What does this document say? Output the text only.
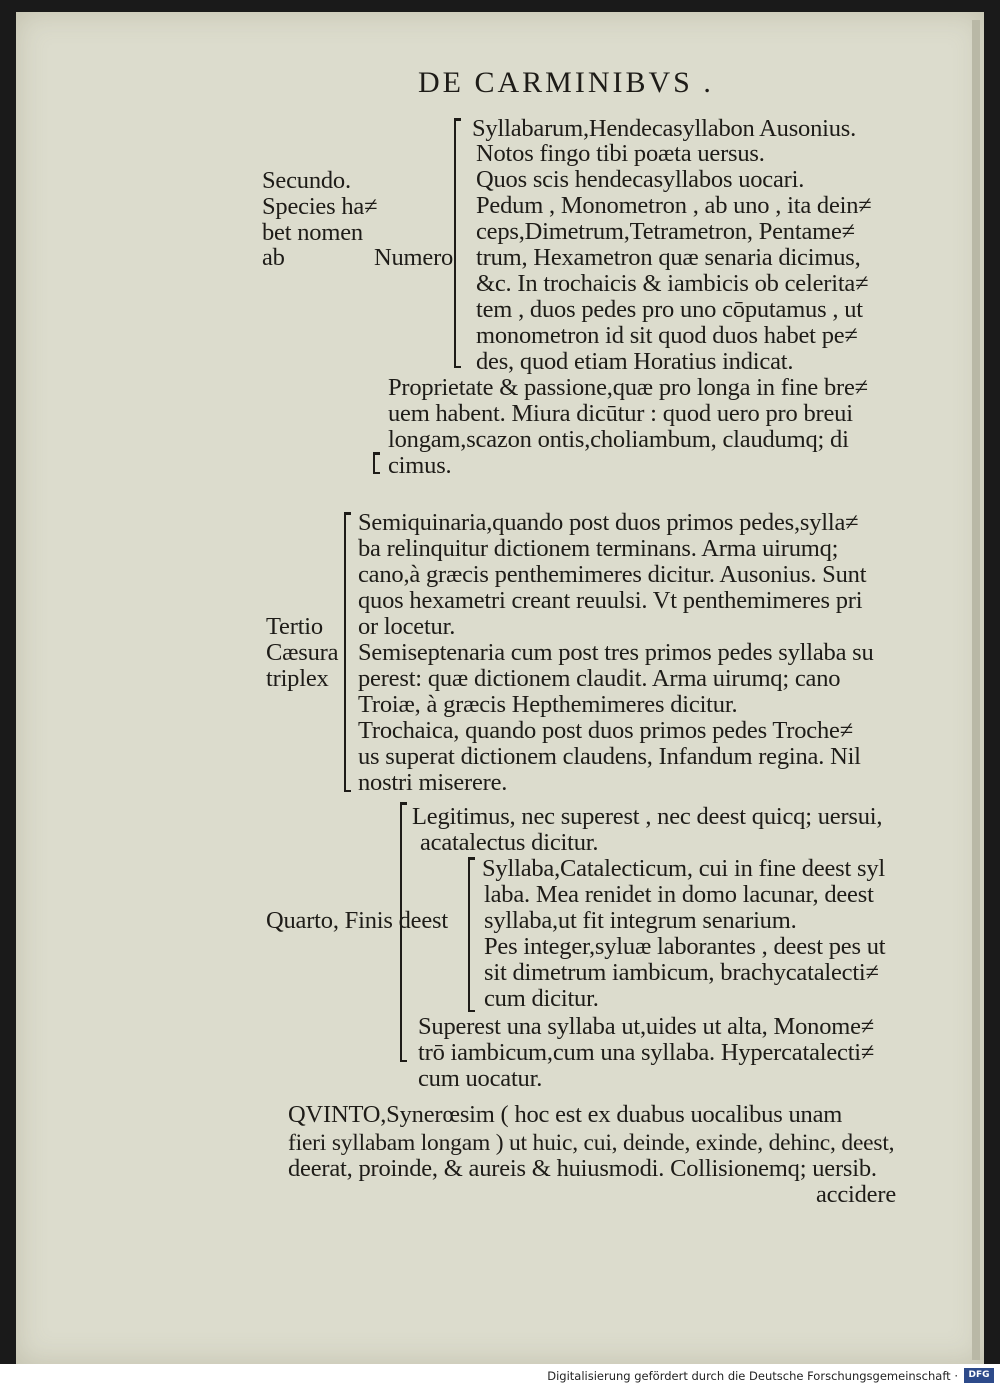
DE CARMINIBVS .
Secundo.
Species ha≠
bet nomen
ab	Numero
Syllabarum,Hendecasyllabon Ausonius.
Notos fingo tibi poæta uersus.
Quos scis hendecasyllabos uocari.
Pedum , Monometron , ab uno , ita dein≠
ceps,Dimetrum,Tetrametron, Pentame≠
trum, Hexametron quæ senaria dicimus,
&c. In trochaicis & iambicis ob celerita≠
tem , duos pedes pro uno cōputamus , ut
monometron id sit quod duos habet pe≠
des, quod etiam Horatius indicat.
Proprietate & passione,quæ pro longa in fine bre≠
uem habent. Miura dicūtur : quod uero pro breui
longam,scazon ontis,choliambum, claudumq; di
cimus.
Tertio
Cæsura
triplex
Semiquinaria,quando post duos primos pedes,sylla≠
ba relinquitur dictionem terminans. Arma uirumq;
cano,à græcis penthemimeres dicitur. Ausonius. Sunt
quos hexametri creant reuulsi. Vt penthemimeres pri
or locetur.
Semiseptenaria cum post tres primos pedes syllaba su
perest: quæ dictionem claudit. Arma uirumq; cano
Troiæ, à græcis Hepthemimeres dicitur.
Trochaica, quando post duos primos pedes Troche≠
us superat dictionem claudens, Infandum regina. Nil
nostri miserere.
Legitimus, nec superest , nec deest quicq; uersui,
acatalectus dicitur.
Syllaba,Catalecticum, cui in fine deest syl
laba. Mea renidet in domo lacunar, deest
Quarto, Finis deest syllaba,ut fit integrum senarium.
Pes integer,syluæ laborantes , deest pes ut
sit dimetrum iambicum, brachycatalecti≠
cum dicitur.
Superest una syllaba ut,uides ut alta, Monome≠
trō iambicum,cum una syllaba. Hypercatalecti≠
cum uocatur.
QVINTO,Synerœsim ( hoc est ex duabus uocalibus unam
fieri syllabam longam ) ut huic, cui, deinde, exinde, dehinc, deest,
deerat, proinde, & aureis & huiusmodi. Collisionemq; uersib.
accidere
Digitalisierung gefördert durch die Deutsche Forschungsgemeinschaft ·	DFG
